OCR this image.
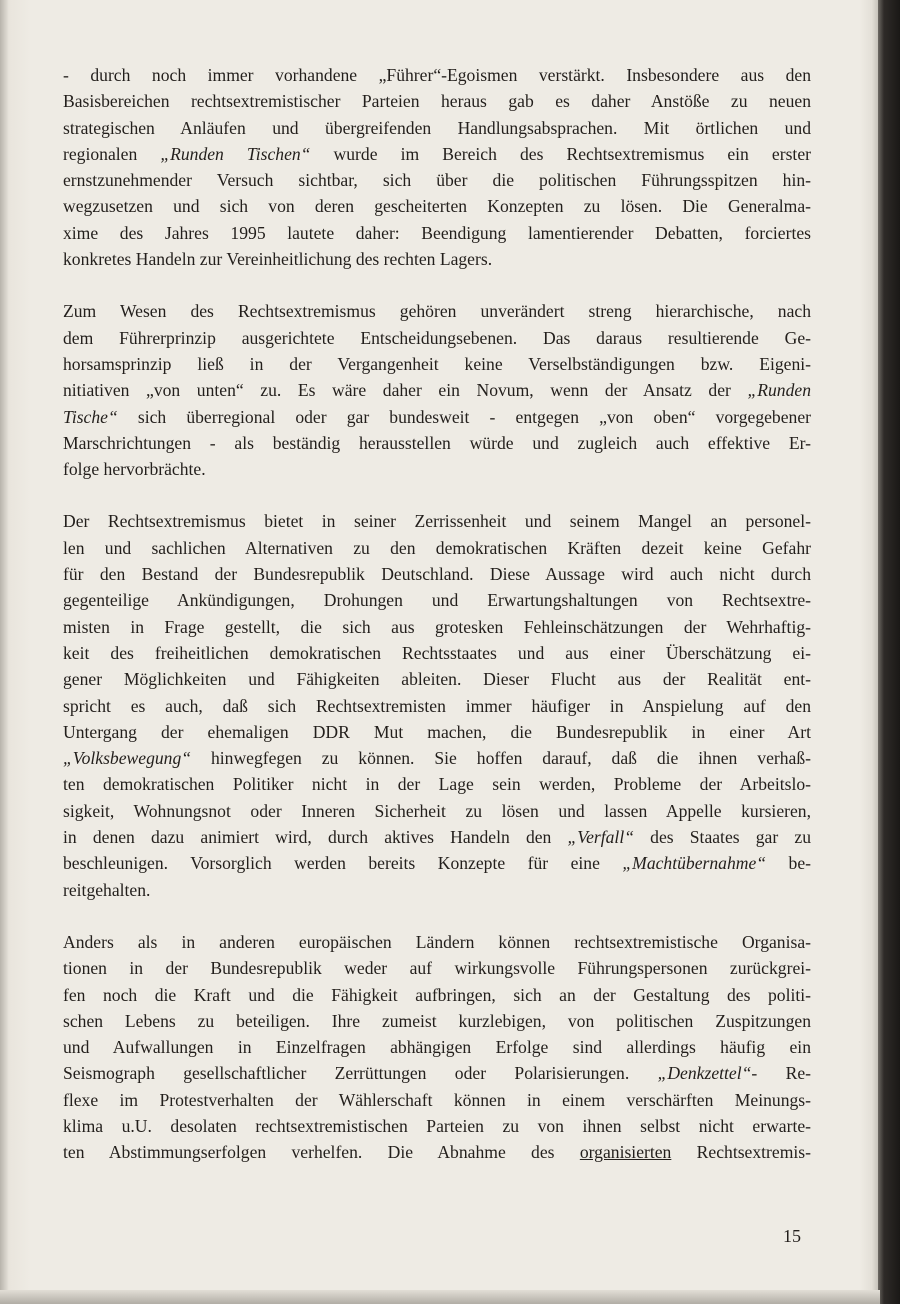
- durch noch immer vorhandene „Führer“-Egoismen verstärkt. Insbesondere aus den
Basisbereichen rechtsextremistischer Parteien heraus gab es daher Anstöße zu neuen
strategischen Anläufen und übergreifenden Handlungsabsprachen. Mit örtlichen und
regionalen „Runden Tischen“ wurde im Bereich des Rechtsextremismus ein erster
ernstzunehmender Versuch sichtbar, sich über die politischen Führungsspitzen hin-
wegzusetzen und sich von deren gescheiterten Konzepten zu lösen. Die Generalma-
xime des Jahres 1995 lautete daher: Beendigung lamentierender Debatten, forciertes
konkretes Handeln zur Vereinheitlichung des rechten Lagers.
Zum Wesen des Rechtsextremismus gehören unverändert streng hierarchische, nach
dem Führerprinzip ausgerichtete Entscheidungsebenen. Das daraus resultierende Ge-
horsamsprinzip ließ in der Vergangenheit keine Verselbständigungen bzw. Eigeni-
nitiativen „von unten“ zu. Es wäre daher ein Novum, wenn der Ansatz der „Runden
Tische“ sich überregional oder gar bundesweit - entgegen „von oben“ vorgegebener
Marschrichtungen - als beständig herausstellen würde und zugleich auch effektive Er-
folge hervorbrächte.
Der Rechtsextremismus bietet in seiner Zerrissenheit und seinem Mangel an personel-
len und sachlichen Alternativen zu den demokratischen Kräften dezeit keine Gefahr
für den Bestand der Bundesrepublik Deutschland. Diese Aussage wird auch nicht durch
gegenteilige Ankündigungen, Drohungen und Erwartungshaltungen von Rechtsextre-
misten in Frage gestellt, die sich aus grotesken Fehleinschätzungen der Wehrhaftig-
keit des freiheitlichen demokratischen Rechtsstaates und aus einer Überschätzung ei-
gener Möglichkeiten und Fähigkeiten ableiten. Dieser Flucht aus der Realität ent-
spricht es auch, daß sich Rechtsextremisten immer häufiger in Anspielung auf den
Untergang der ehemaligen DDR Mut machen, die Bundesrepublik in einer Art
„Volksbewegung“ hinwegfegen zu können. Sie hoffen darauf, daß die ihnen verhaß-
ten demokratischen Politiker nicht in der Lage sein werden, Probleme der Arbeitslo-
sigkeit, Wohnungsnot oder Inneren Sicherheit zu lösen und lassen Appelle kursieren,
in denen dazu animiert wird, durch aktives Handeln den „Verfall“ des Staates gar zu
beschleunigen. Vorsorglich werden bereits Konzepte für eine „Machtübernahme“ be-
reitgehalten.
Anders als in anderen europäischen Ländern können rechtsextremistische Organisa-
tionen in der Bundesrepublik weder auf wirkungsvolle Führungspersonen zurückgrei-
fen noch die Kraft und die Fähigkeit aufbringen, sich an der Gestaltung des politi-
schen Lebens zu beteiligen. Ihre zumeist kurzlebigen, von politischen Zuspitzungen
und Aufwallungen in Einzelfragen abhängigen Erfolge sind allerdings häufig ein
Seismograph gesellschaftlicher Zerrüttungen oder Polarisierungen. „Denkzettel“- Re-
flexe im Protestverhalten der Wählerschaft können in einem verschärften Meinungs-
klima u.U. desolaten rechtsextremistischen Parteien zu von ihnen selbst nicht erwarte-
ten Abstimmungserfolgen verhelfen. Die Abnahme des organisierten Rechtsextremis-
15
